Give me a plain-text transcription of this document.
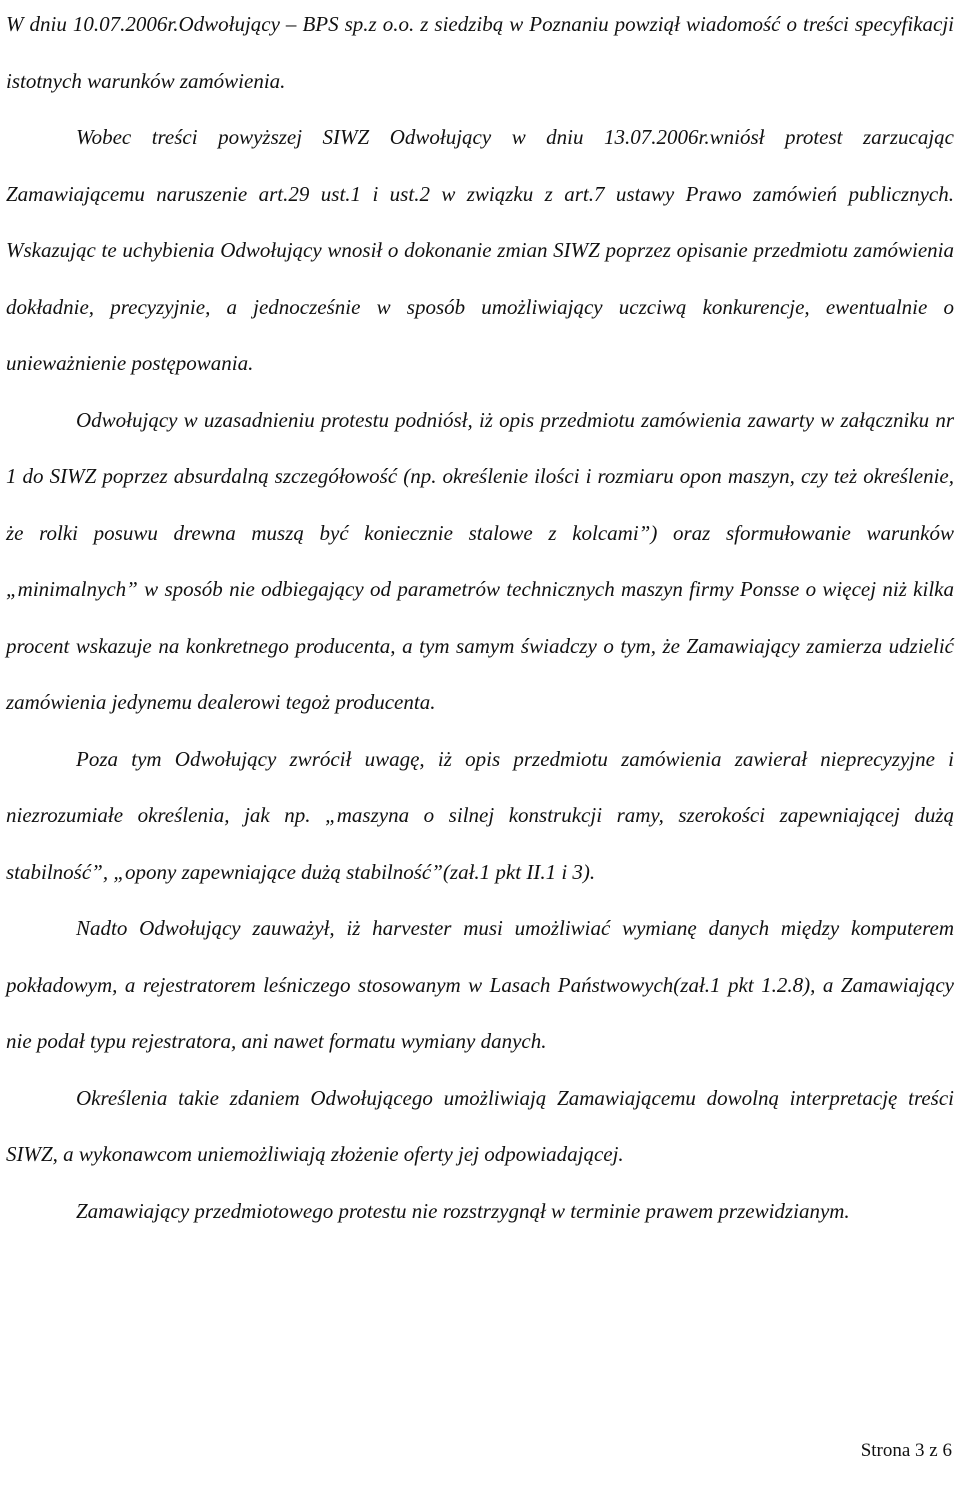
W dniu 10.07.2006r.Odwołujący – BPS sp.z o.o. z siedzibą w Poznaniu powziął wiadomość o treści specyfikacji istotnych warunków zamówienia.

Wobec treści powyższej SIWZ Odwołujący w dniu 13.07.2006r.wniósł protest zarzucając Zamawiającemu naruszenie art.29 ust.1 i ust.2 w związku z art.7 ustawy Prawo zamówień publicznych. Wskazując te uchybienia Odwołujący wnosił o dokonanie zmian SIWZ poprzez opisanie przedmiotu zamówienia dokładnie, precyzyjnie, a jednocześnie w sposób umożliwiający uczciwą konkurencje, ewentualnie o unieważnienie postępowania.

Odwołujący w uzasadnieniu protestu podniósł, iż opis przedmiotu zamówienia zawarty w załączniku nr 1 do SIWZ poprzez absurdalną szczegółowość (np. określenie ilości i rozmiaru opon maszyn, czy też określenie, że rolki posuwu drewna muszą być koniecznie stalowe z kolcami”) oraz sformułowanie warunków „minimalnych” w sposób nie odbiegający od parametrów technicznych maszyn firmy Ponsse o więcej niż kilka procent wskazuje na konkretnego producenta, a tym samym świadczy o tym, że Zamawiający zamierza udzielić zamówienia jedynemu dealerowi tegoż producenta.

Poza tym Odwołujący zwrócił uwagę, iż opis przedmiotu zamówienia zawierał nieprecyzyjne i niezrozumiałe określenia, jak np. „maszyna o silnej konstrukcji ramy, szerokości zapewniającej dużą stabilność”, „opony zapewniające dużą stabilność”(zał.1 pkt II.1 i 3).

Nadto Odwołujący zauważył, iż harvester musi umożliwiać wymianę danych między komputerem pokładowym, a rejestratorem leśniczego stosowanym w Lasach Państwowych(zał.1 pkt 1.2.8), a Zamawiający nie podał typu rejestratora, ani nawet formatu wymiany danych.

Określenia takie zdaniem Odwołującego umożliwiają Zamawiającemu dowolną interpretację treści SIWZ, a wykonawcom uniemożliwiają złożenie oferty jej odpowiadającej.

Zamawiający przedmiotowego protestu nie rozstrzygnął w terminie prawem przewidzianym.

Strona 3 z 6
